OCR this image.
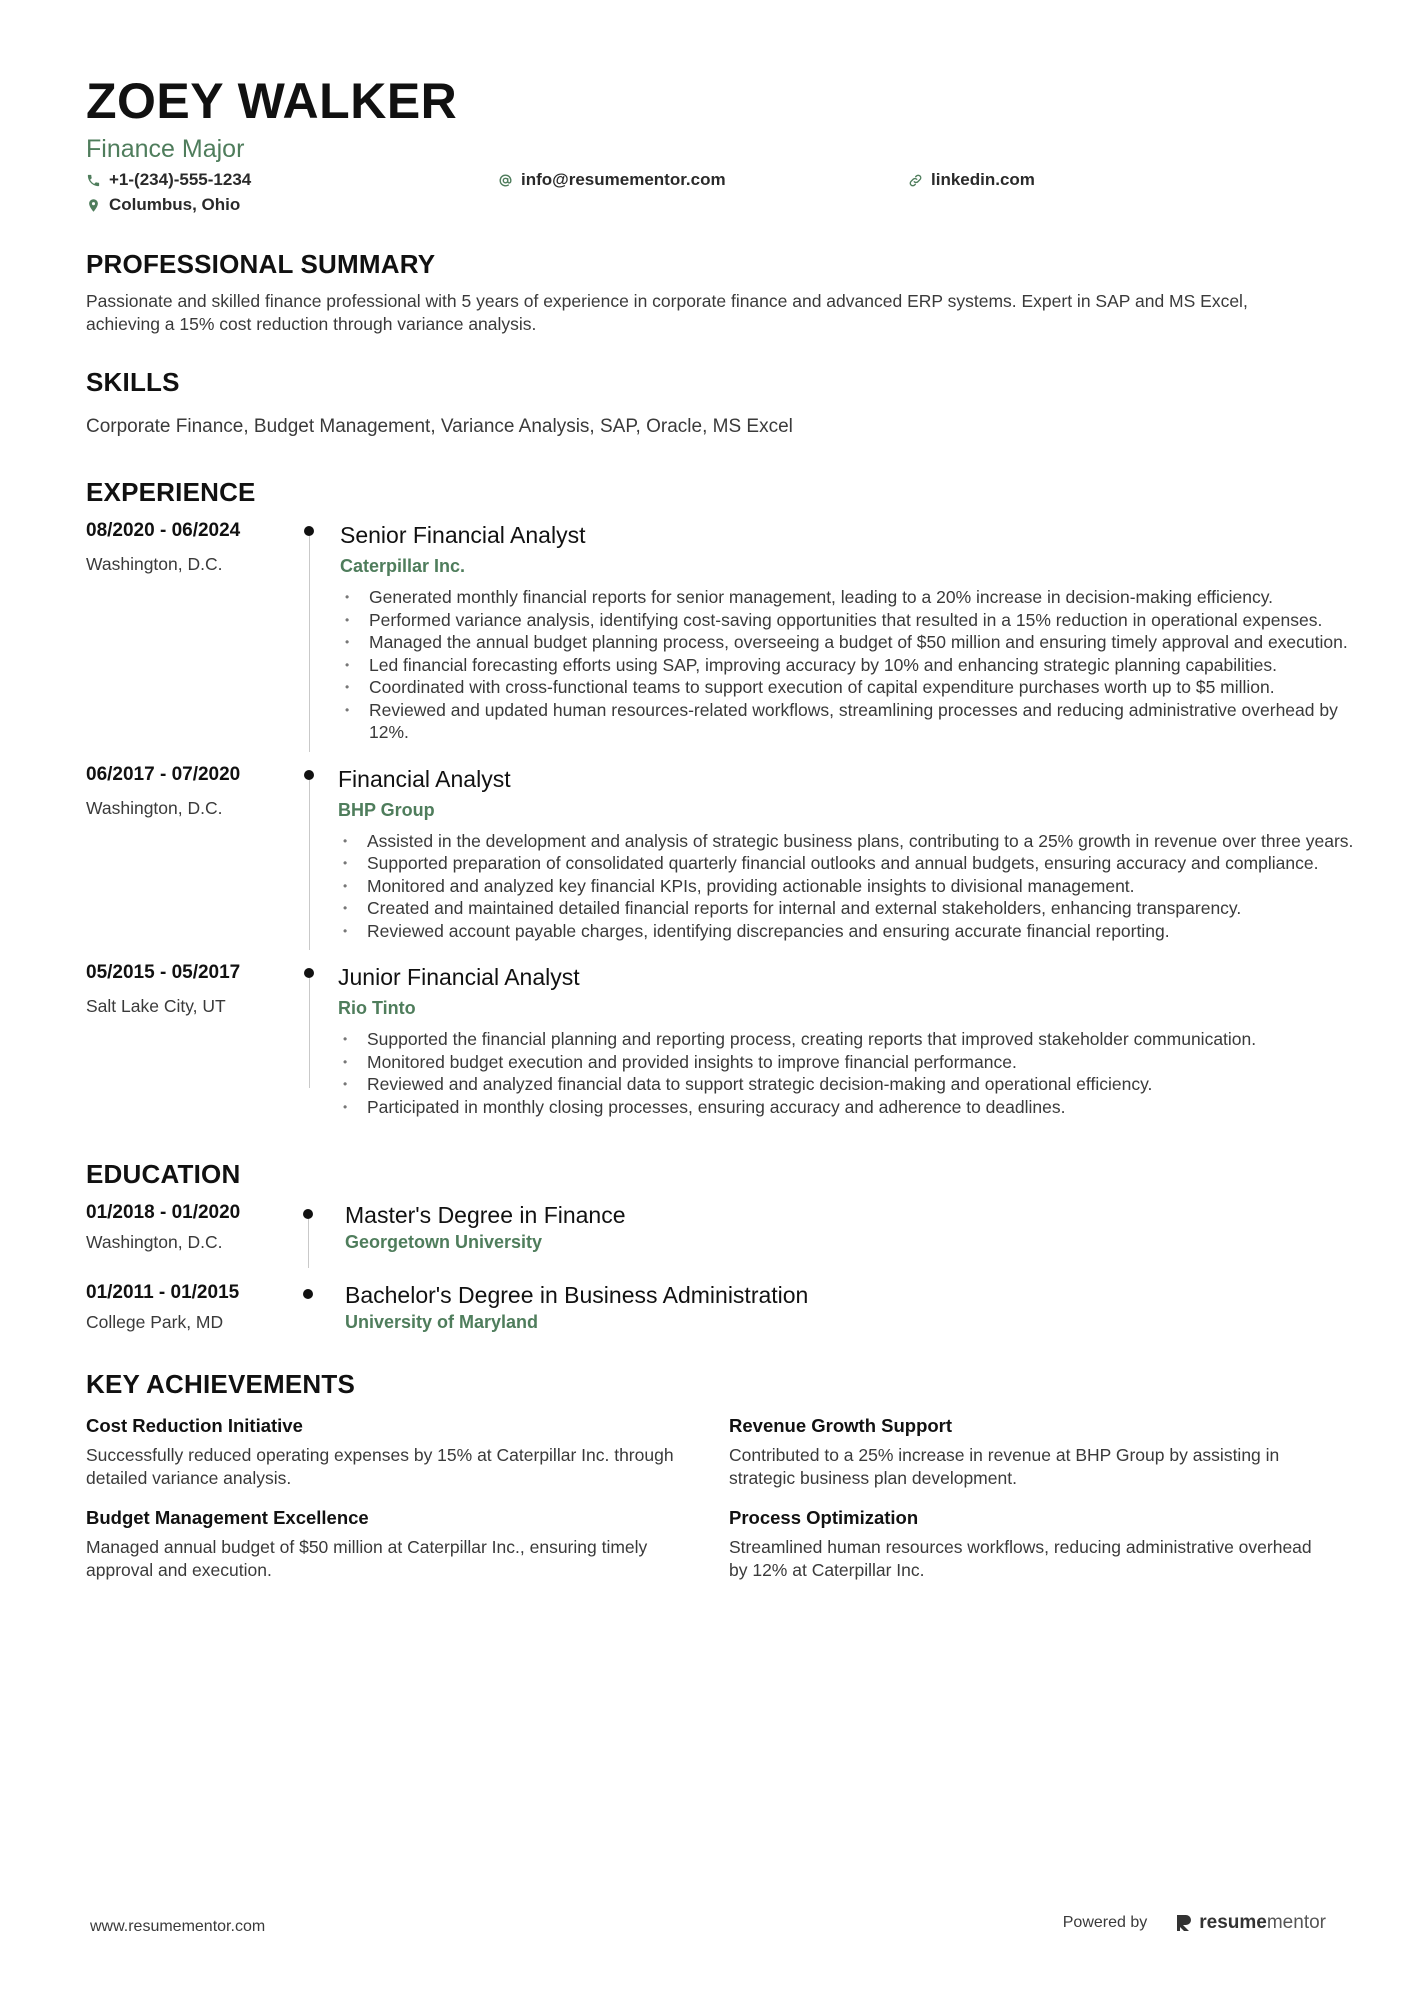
ZOEY WALKER
Finance Major
+1-(234)-555-1234	info@resumementor.com	linkedin.com
Columbus, Ohio
PROFESSIONAL SUMMARY
Passionate and skilled finance professional with 5 years of experience in corporate finance and advanced ERP systems. Expert in SAP and MS Excel, achieving a 15% cost reduction through variance analysis.
SKILLS
Corporate Finance, Budget Management, Variance Analysis, SAP, Oracle, MS Excel
EXPERIENCE
08/2020 - 06/2024
Washington, D.C.
Senior Financial Analyst
Caterpillar Inc.
• Generated monthly financial reports for senior management, leading to a 20% increase in decision-making efficiency.
• Performed variance analysis, identifying cost-saving opportunities that resulted in a 15% reduction in operational expenses.
• Managed the annual budget planning process, overseeing a budget of $50 million and ensuring timely approval and execution.
• Led financial forecasting efforts using SAP, improving accuracy by 10% and enhancing strategic planning capabilities.
• Coordinated with cross-functional teams to support execution of capital expenditure purchases worth up to $5 million.
• Reviewed and updated human resources-related workflows, streamlining processes and reducing administrative overhead by 12%.
06/2017 - 07/2020
Washington, D.C.
Financial Analyst
BHP Group
• Assisted in the development and analysis of strategic business plans, contributing to a 25% growth in revenue over three years.
• Supported preparation of consolidated quarterly financial outlooks and annual budgets, ensuring accuracy and compliance.
• Monitored and analyzed key financial KPIs, providing actionable insights to divisional management.
• Created and maintained detailed financial reports for internal and external stakeholders, enhancing transparency.
• Reviewed account payable charges, identifying discrepancies and ensuring accurate financial reporting.
05/2015 - 05/2017
Salt Lake City, UT
Junior Financial Analyst
Rio Tinto
• Supported the financial planning and reporting process, creating reports that improved stakeholder communication.
• Monitored budget execution and provided insights to improve financial performance.
• Reviewed and analyzed financial data to support strategic decision-making and operational efficiency.
• Participated in monthly closing processes, ensuring accuracy and adherence to deadlines.
EDUCATION
01/2018 - 01/2020
Washington, D.C.
Master's Degree in Finance
Georgetown University
01/2011 - 01/2015
College Park, MD
Bachelor's Degree in Business Administration
University of Maryland
KEY ACHIEVEMENTS
Cost Reduction Initiative
Successfully reduced operating expenses by 15% at Caterpillar Inc. through detailed variance analysis.
Revenue Growth Support
Contributed to a 25% increase in revenue at BHP Group by assisting in strategic business plan development.
Budget Management Excellence
Managed annual budget of $50 million at Caterpillar Inc., ensuring timely approval and execution.
Process Optimization
Streamlined human resources workflows, reducing administrative overhead by 12% at Caterpillar Inc.
www.resumementor.com	Powered by	resumementor
